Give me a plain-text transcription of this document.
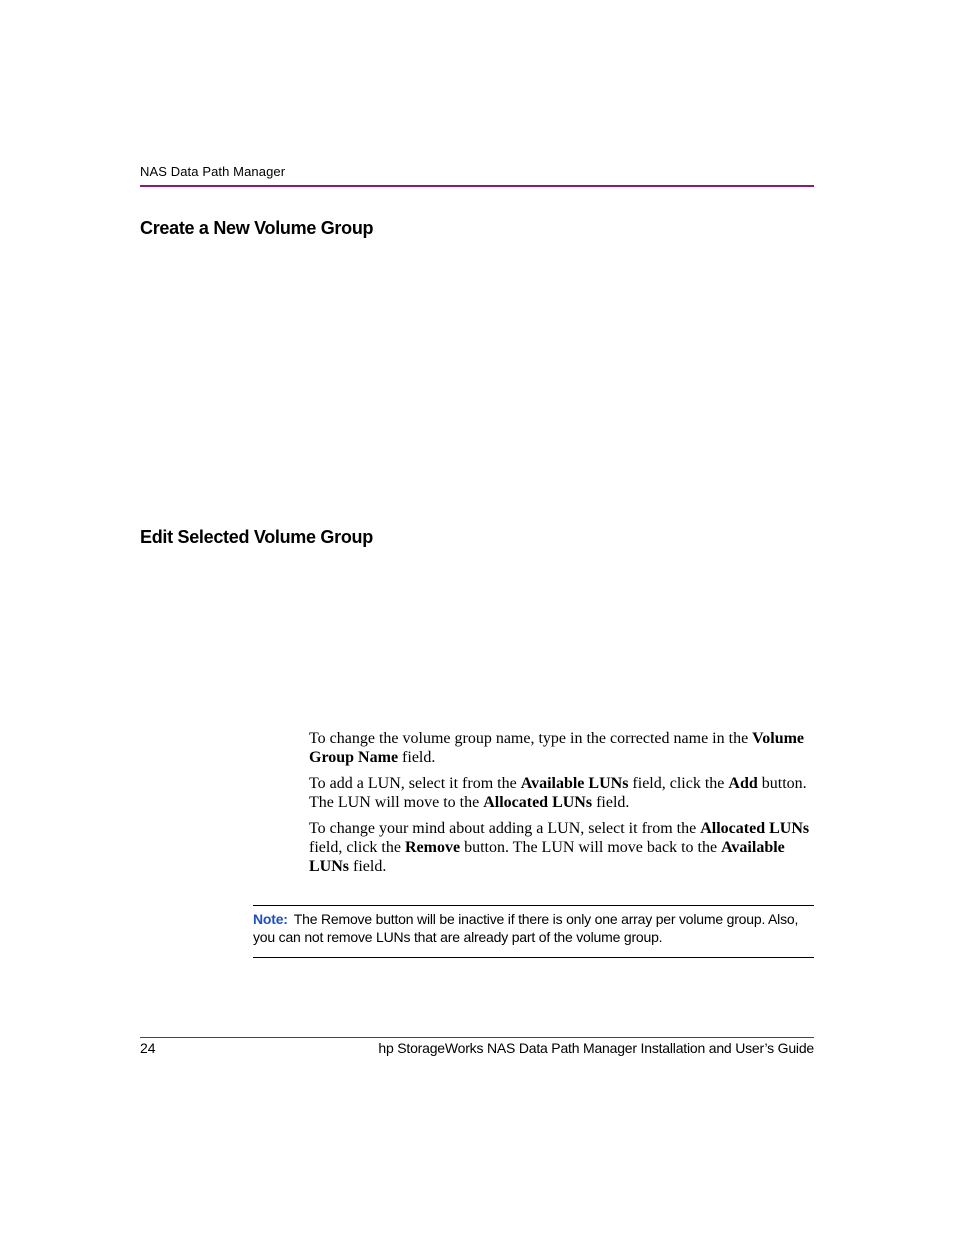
NAS Data Path Manager
Create a New Volume Group
Edit Selected Volume Group

To change the volume group name, type in the corrected name in the Volume Group Name field.

To add a LUN, select it from the Available LUNs field, click the Add button. The LUN will move to the Allocated LUNs field.

To change your mind about adding a LUN, select it from the Allocated LUNs field, click the Remove button. The LUN will move back to the Available LUNs field.

Note: The Remove button will be inactive if there is only one array per volume group. Also, you can not remove LUNs that are already part of the volume group.

24	hp StorageWorks NAS Data Path Manager Installation and User’s Guide
